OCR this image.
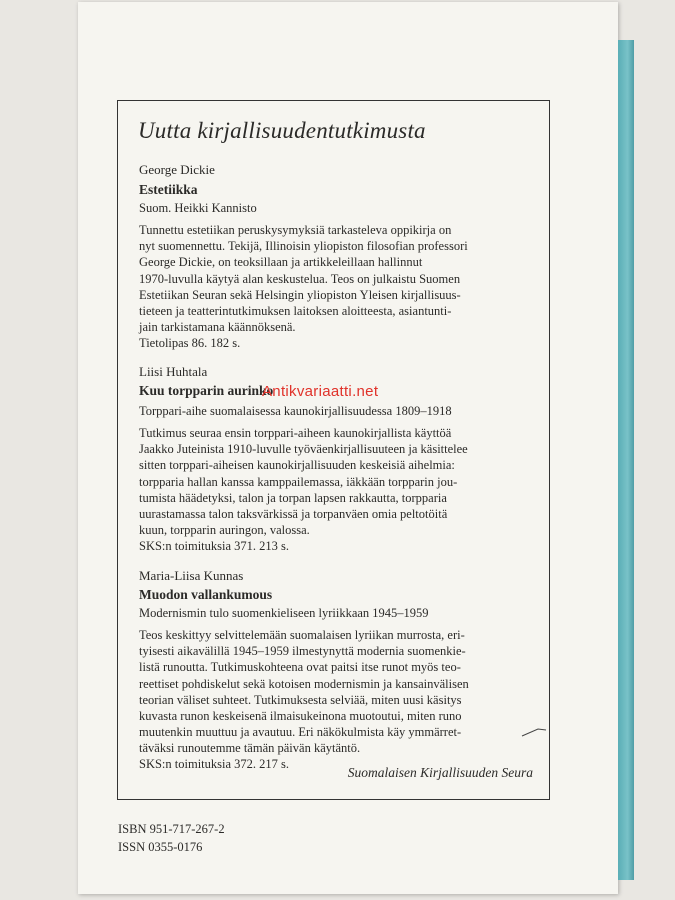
Uutta kirjallisuudentutkimusta
George Dickie
Estetiikka
Suom. Heikki Kannisto
Tunnettu estetiikan peruskysymyksiä tarkasteleva oppikirja on
nyt suomennettu. Tekijä, Illinoisin yliopiston filosofian professori
George Dickie, on teoksillaan ja artikkeleillaan hallinnut
1970-luvulla käytyä alan keskustelua. Teos on julkaistu Suomen
Estetiikan Seuran sekä Helsingin yliopiston Yleisen kirjallisuus-
tieteen ja teatterintutkimuksen laitoksen aloitteesta, asiantunti-
jain tarkistamana käännöksenä.
Tietolipas 86. 182 s.
Liisi Huhtala
Kuu torpparin aurinko
Torppari-aihe suomalaisessa kaunokirjallisuudessa 1809–1918
Tutkimus seuraa ensin torppari-aiheen kaunokirjallista käyttöä
Jaakko Juteinista 1910-luvulle työväenkirjallisuuteen ja käsittelee
sitten torppari-aiheisen kaunokirjallisuuden keskeisiä aihelmia:
torpparia hallan kanssa kamppailemassa, iäkkään torpparin jou-
tumista häädetyksi, talon ja torpan lapsen rakkautta, torpparia
uurastamassa talon taksvärkissä ja torpanväen omia peltotöitä
kuun, torpparin auringon, valossa.
SKS:n toimituksia 371. 213 s.
Maria-Liisa Kunnas
Muodon vallankumous
Modernismin tulo suomenkieliseen lyriikkaan 1945–1959
Teos keskittyy selvittelemään suomalaisen lyriikan murrosta, eri-
tyisesti aikavälillä 1945–1959 ilmestynyttä modernia suomenkie-
listä runoutta. Tutkimuskohteena ovat paitsi itse runot myös teo-
reettiset pohdiskelut sekä kotoisen modernismin ja kansainvälisen
teorian väliset suhteet. Tutkimuksesta selviää, miten uusi käsitys
kuvasta runon keskeisenä ilmaisukeinona muotoutui, miten runo
muutenkin muuttuu ja avautuu. Eri näkökulmista käy ymmärret-
täväksi runoutemme tämän päivän käytäntö.
SKS:n toimituksia 372. 217 s.
Suomalaisen Kirjallisuuden Seura
ISBN 951-717-267-2
ISSN 0355-0176
Antikvariaatti.net
